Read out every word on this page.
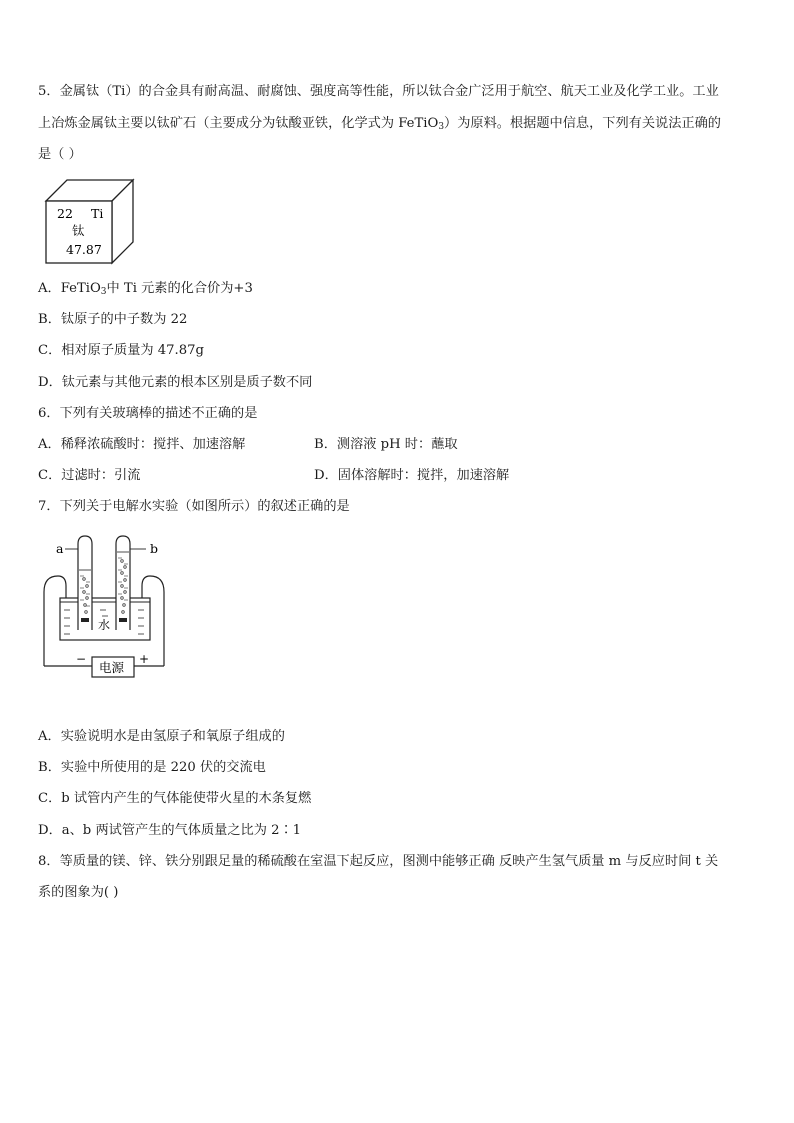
5．金属钛（Ti）的合金具有耐高温、耐腐蚀、强度高等性能，所以钛合金广泛用于航空、航天工业及化学工业。工业
上冶炼金属钛主要以钛矿石（主要成分为钛酸亚铁，化学式为 FeTiO$_3$）为原料。根据题中信息，下列有关说法正确的
是（ ）
22 Ti
钛
47.87
A．FeTiO$_3$中 Ti 元素的化合价为+3
B．钛原子的中子数为 22
C．相对原子质量为 47.87g
D．钛元素与其他元素的根本区别是质子数不同
6．下列有关玻璃棒的描述不正确的是
A．稀释浓硫酸时：搅拌、加速溶解	B．测溶液 pH 时：蘸取
C．过滤时：引流	D．固体溶解时：搅拌，加速溶解
7．下列关于电解水实验（如图所示）的叙述正确的是
水
a	b
电源
−	+
A．实验说明水是由氢原子和氧原子组成的
B．实验中所使用的是 220 伏的交流电
C．b 试管内产生的气体能使带火星的木条复燃
D．a、b 两试管产生的气体质量之比为 2∶1
8．等质量的镁、锌、铁分别跟足量的稀硫酸在室温下起反应，图测中能够正确 反映产生氢气质量 m 与反应时间 t 关
系的图象为( )
